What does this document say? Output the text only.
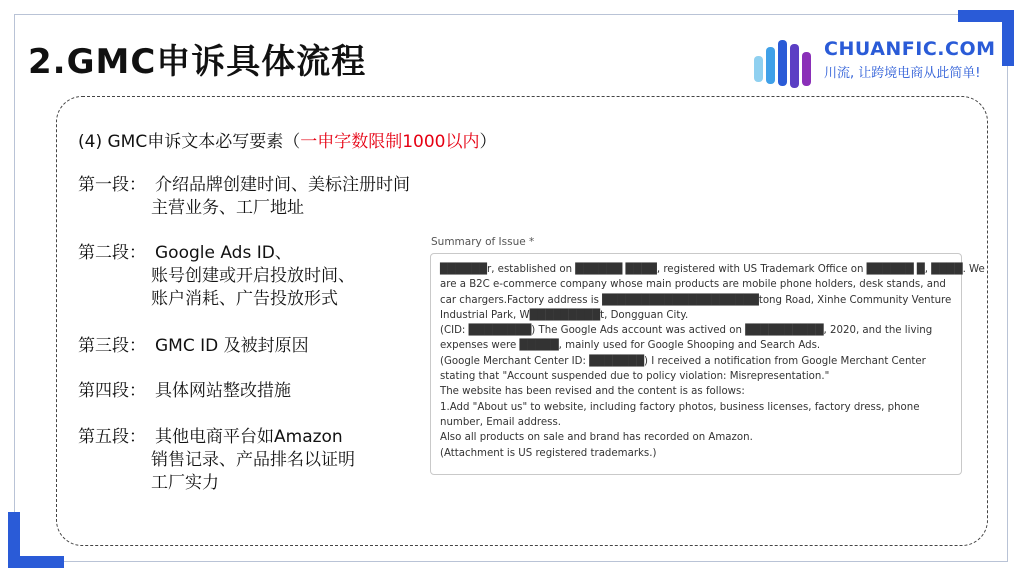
2.GMC申诉具体流程	CHUANFIC.COM
川流, 让跨境电商从此简单!
(4) GMC申诉文本必写要素（一申字数限制1000以内）
第一段： 介绍品牌创建时间、美标注册时间
主营业务、工厂地址
第二段： Google Ads ID、
账号创建或开启投放时间、
账户消耗、广告投放形式
第三段： GMC ID 及被封原因
第四段： 具体网站整改措施
第五段： 其他电商平台如Amazon
销售记录、产品排名以证明
工厂实力
Summary of Issue *
██████r, established on ██████ ████, registered with US Trademark Office on ██████ █, ████. We
are a B2C e-commerce company whose main products are mobile phone holders, desk stands, and
car chargers.Factory address is ████████████████████tong Road, Xinhe Community Venture
Industrial Park, W█████████t, Dongguan City.
(CID: ████████) The Google Ads account was actived on ██████████, 2020, and the living
expenses were █████, mainly used for Google Shooping and Search Ads.
(Google Merchant Center ID: ███████) I received a notification from Google Merchant Center
stating that "Account suspended due to policy violation: Misrepresentation."
The website has been revised and the content is as follows:
1.Add "About us" to website, including factory photos, business licenses, factory dress, phone
number, Email address.
Also all products on sale and brand has recorded on Amazon.
(Attachment is US registered trademarks.)
